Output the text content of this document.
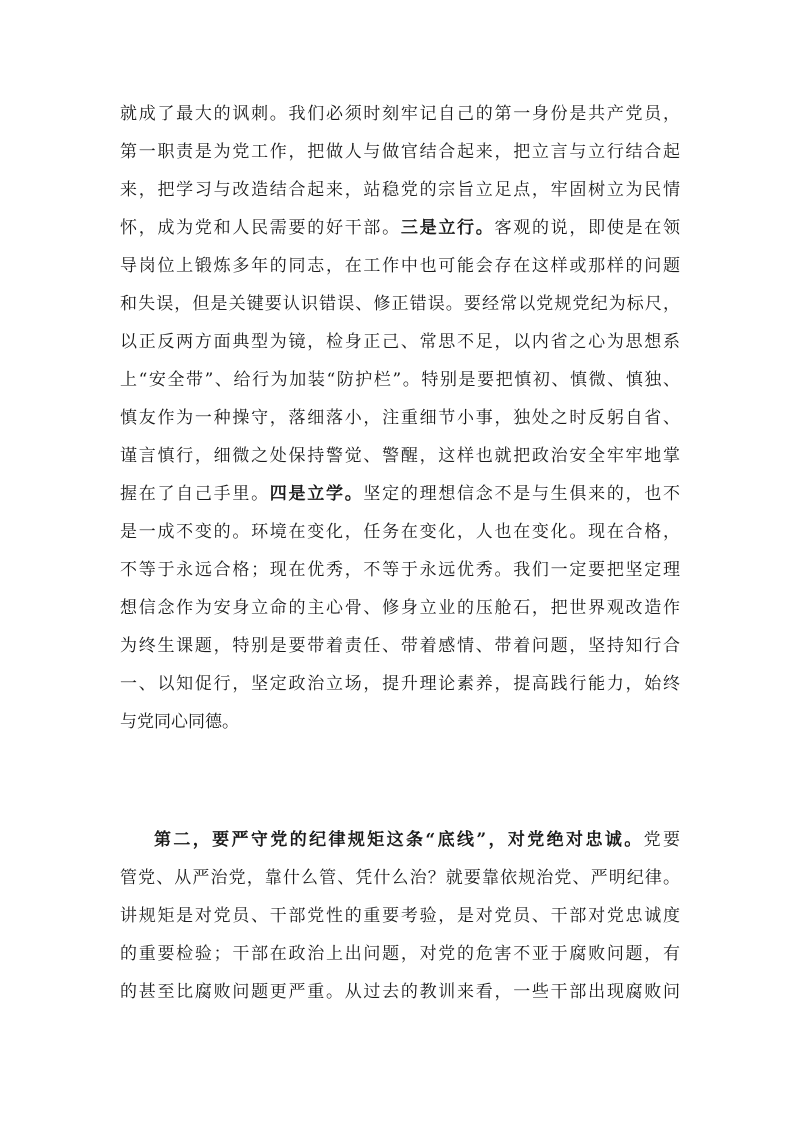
就成了最大的讽刺。我们必须时刻牢记自己的第一身份是共产党员，
第一职责是为党工作，把做人与做官结合起来，把立言与立行结合起
来，把学习与改造结合起来，站稳党的宗旨立足点，牢固树立为民情
怀，成为党和人民需要的好干部。三是立行。客观的说，即使是在领
导岗位上锻炼多年的同志，在工作中也可能会存在这样或那样的问题
和失误，但是关键要认识错误、修正错误。要经常以党规党纪为标尺，
以正反两方面典型为镜，检身正己、常思不足，以内省之心为思想系
上“安全带”、给行为加装“防护栏”。特别是要把慎初、慎微、慎独、
慎友作为一种操守，落细落小，注重细节小事，独处之时反躬自省、
谨言慎行，细微之处保持警觉、警醒，这样也就把政治安全牢牢地掌
握在了自己手里。四是立学。坚定的理想信念不是与生俱来的，也不
是一成不变的。环境在变化，任务在变化，人也在变化。现在合格，
不等于永远合格；现在优秀，不等于永远优秀。我们一定要把坚定理
想信念作为安身立命的主心骨、修身立业的压舱石，把世界观改造作
为终生课题，特别是要带着责任、带着感情、带着问题，坚持知行合
一、以知促行，坚定政治立场，提升理论素养，提高践行能力，始终
与党同心同德。
第二，要严守党的纪律规矩这条“底线”，对党绝对忠诚。党要
管党、从严治党，靠什么管、凭什么治？就要靠依规治党、严明纪律。
讲规矩是对党员、干部党性的重要考验，是对党员、干部对党忠诚度
的重要检验；干部在政治上出问题，对党的危害不亚于腐败问题，有
的甚至比腐败问题更严重。从过去的教训来看，一些干部出现腐败问
